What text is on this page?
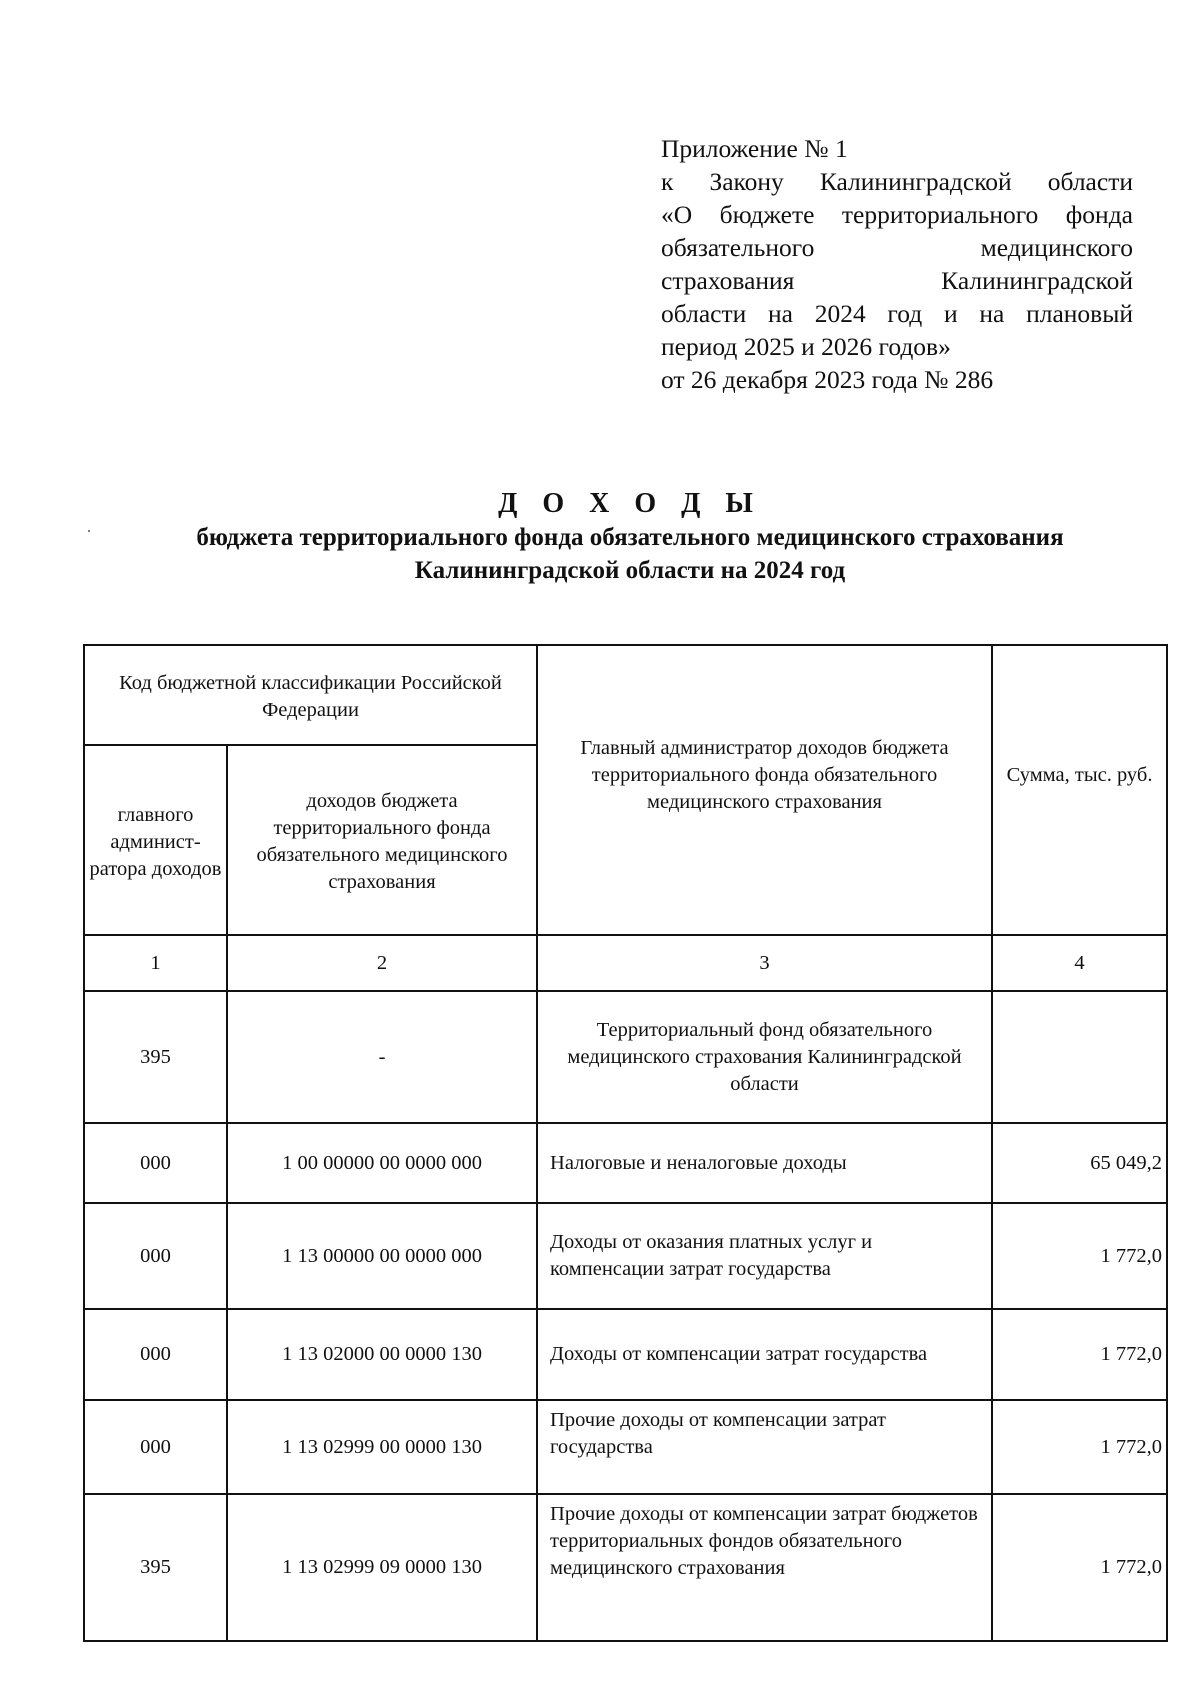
Приложение № 1
к Закону Калининградской области
«О бюджете территориального фонда
обязательного медицинского
страхования Калининградской
области на 2024 год и на плановый
период 2025 и 2026 годов»
от 26 декабря 2023 года № 286
Д О Х О Д Ы
бюджета территориального фонда обязательного медицинского страхования
Калининградской области на 2024 год
Код бюджетной классификации Российской Федерации		Главный администратор доходов бюджета территориального фонда обязательного медицинского страхования	Сумма, тыс. руб.
главного админист-ратора доходов	доходов бюджета территориального фонда обязательного медицинского страхования		
1	2	3	4
395	-	Территориальный фонд обязательного медицинского страхования Калининградской области	
000	1 00 00000 00 0000 000	Налоговые и неналоговые доходы	65 049,2
000	1 13 00000 00 0000 000	Доходы от оказания платных услуг и компенсации затрат государства	1 772,0
000	1 13 02000 00 0000 130	Доходы от компенсации затрат государства	1 772,0
000	1 13 02999 00 0000 130	Прочие доходы от компенсации затрат государства	1 772,0
395	1 13 02999 09 0000 130	Прочие доходы от компенсации затрат бюджетов территориальных фондов обязательного медицинского страхования	1 772,0
